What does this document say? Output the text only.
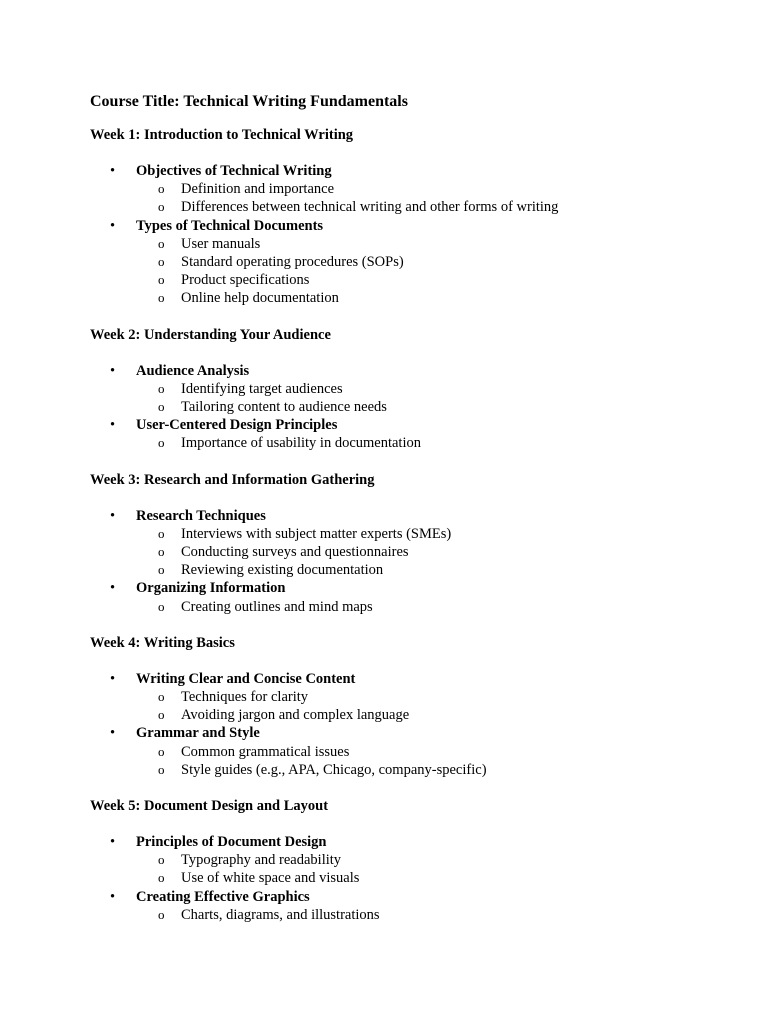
Course Title: Technical Writing Fundamentals
Week 1: Introduction to Technical Writing
• Objectives of Technical Writing
o Definition and importance
o Differences between technical writing and other forms of writing
• Types of Technical Documents
o User manuals
o Standard operating procedures (SOPs)
o Product specifications
o Online help documentation
Week 2: Understanding Your Audience
• Audience Analysis
o Identifying target audiences
o Tailoring content to audience needs
• User-Centered Design Principles
o Importance of usability in documentation
Week 3: Research and Information Gathering
• Research Techniques
o Interviews with subject matter experts (SMEs)
o Conducting surveys and questionnaires
o Reviewing existing documentation
• Organizing Information
o Creating outlines and mind maps
Week 4: Writing Basics
• Writing Clear and Concise Content
o Techniques for clarity
o Avoiding jargon and complex language
• Grammar and Style
o Common grammatical issues
o Style guides (e.g., APA, Chicago, company-specific)
Week 5: Document Design and Layout
• Principles of Document Design
o Typography and readability
o Use of white space and visuals
• Creating Effective Graphics
o Charts, diagrams, and illustrations
